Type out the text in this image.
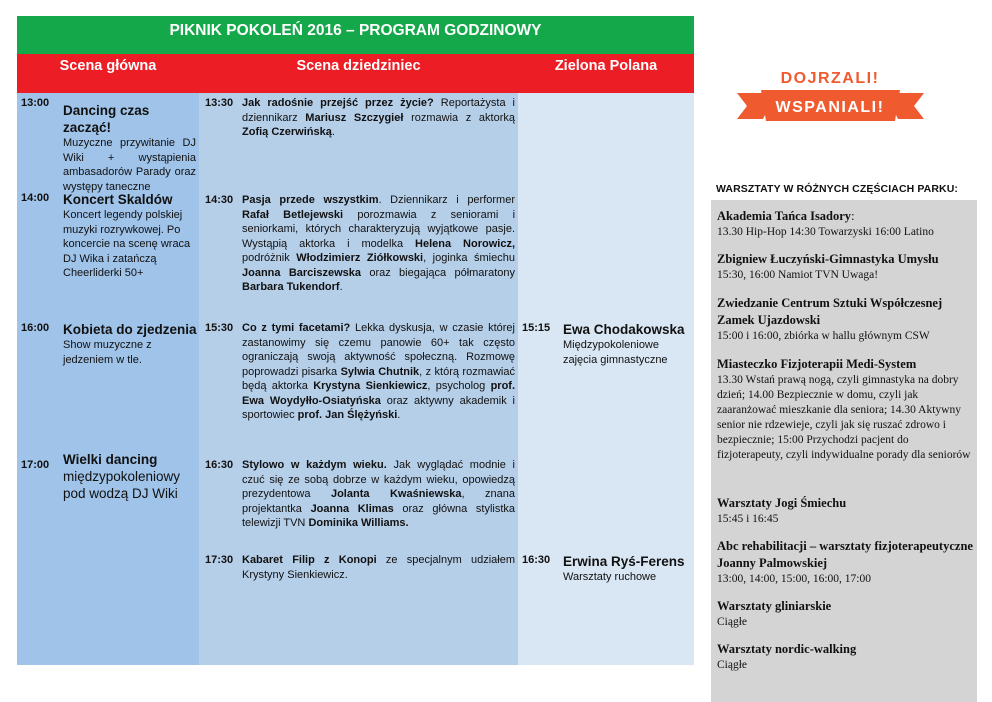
PIKNIK POKOLEŃ 2016 – PROGRAM GODZINOWY
Scena główna	Scena dziedziniec	Zielona Polana
13:00 Dancing czas zacząć!
Muzyczne przywitanie DJ Wiki + wystąpienia ambasadorów Parady oraz występy taneczne
14:00 Koncert Skaldów
Koncert legendy polskiej muzyki rozrywkowej. Po koncercie na scenę wraca DJ Wika i zatańczą Cheerliderki 50+
16:00 Kobieta do zjedzenia
Show muzyczne z jedzeniem w tle.
17:00 Wielki dancing
międzypokoleniowy pod wodzą DJ Wiki
13:30 Jak radośnie przejść przez życie? Reportażysta i dziennikarz Mariusz Szczygieł rozmawia z aktorką Zofią Czerwińską.
14:30 Pasja przede wszystkim. Dziennikarz i performer Rafał Betlejewski porozmawia z seniorami i seniorkami, których charakteryzują wyjątkowe pasje. Wystąpią aktorka i modelka Helena Norowicz, podróżnik Włodzimierz Ziółkowski, joginka śmiechu Joanna Barciszewska oraz biegająca półmaratony Barbara Tukendorf.
15:30 Co z tymi facetami? Lekka dyskusja, w czasie której zastanowimy się czemu panowie 60+ tak często ograniczają swoją aktywność społeczną. Rozmowę poprowadzi pisarka Sylwia Chutnik, z którą rozmawiać będą aktorka Krystyna Sienkiewicz, psycholog prof. Ewa Woydyłło-Osiatyńska oraz aktywny akademik i sportowiec prof. Jan Ślężyński.
16:30 Stylowo w każdym wieku. Jak wyglądać modnie i czuć się ze sobą dobrze w każdym wieku, opowiedzą prezydentowa Jolanta Kwaśniewska, znana projektantka Joanna Klimas oraz główna stylistka telewizji TVN Dominika Williams.
17:30 Kabaret Filip z Konopi ze specjalnym udziałem Krystyny Sienkiewicz.
15:15 Ewa Chodakowska
Międzypokoleniowe zajęcia gimnastyczne
16:30 Erwina Ryś-Ferens
Warsztaty ruchowe
DOJRZALI!
WSPANIALI!
WARSZTATY W RÓŻNYCH CZĘŚCIACH PARKU:
Akademia Tańca Isadory:
13.30 Hip-Hop 14:30 Towarzyski 16:00 Latino
Zbigniew Łuczyński-Gimnastyka Umysłu
15:30, 16:00 Namiot TVN Uwaga!
Zwiedzanie Centrum Sztuki Współczesnej Zamek Ujazdowski
15:00 i 16:00, zbiórka w hallu głównym CSW
Miasteczko Fizjoterapii Medi-System
13.30 Wstań prawą nogą, czyli gimnastyka na dobry dzień; 14.00 Bezpiecznie w domu, czyli jak zaaranżować mieszkanie dla seniora; 14.30 Aktywny senior nie rdzewieje, czyli jak się ruszać zdrowo i bezpiecznie; 15:00 Przychodzi pacjent do fizjoterapeuty, czyli indywidualne porady dla seniorów
Warsztaty Jogi Śmiechu
15:45 i 16:45
Abc rehabilitacji – warsztaty fizjoterapeutyczne Joanny Palmowskiej
13:00, 14:00, 15:00, 16:00, 17:00
Warsztaty gliniarskie
Ciągłe
Warsztaty nordic-walking
Ciągłe
